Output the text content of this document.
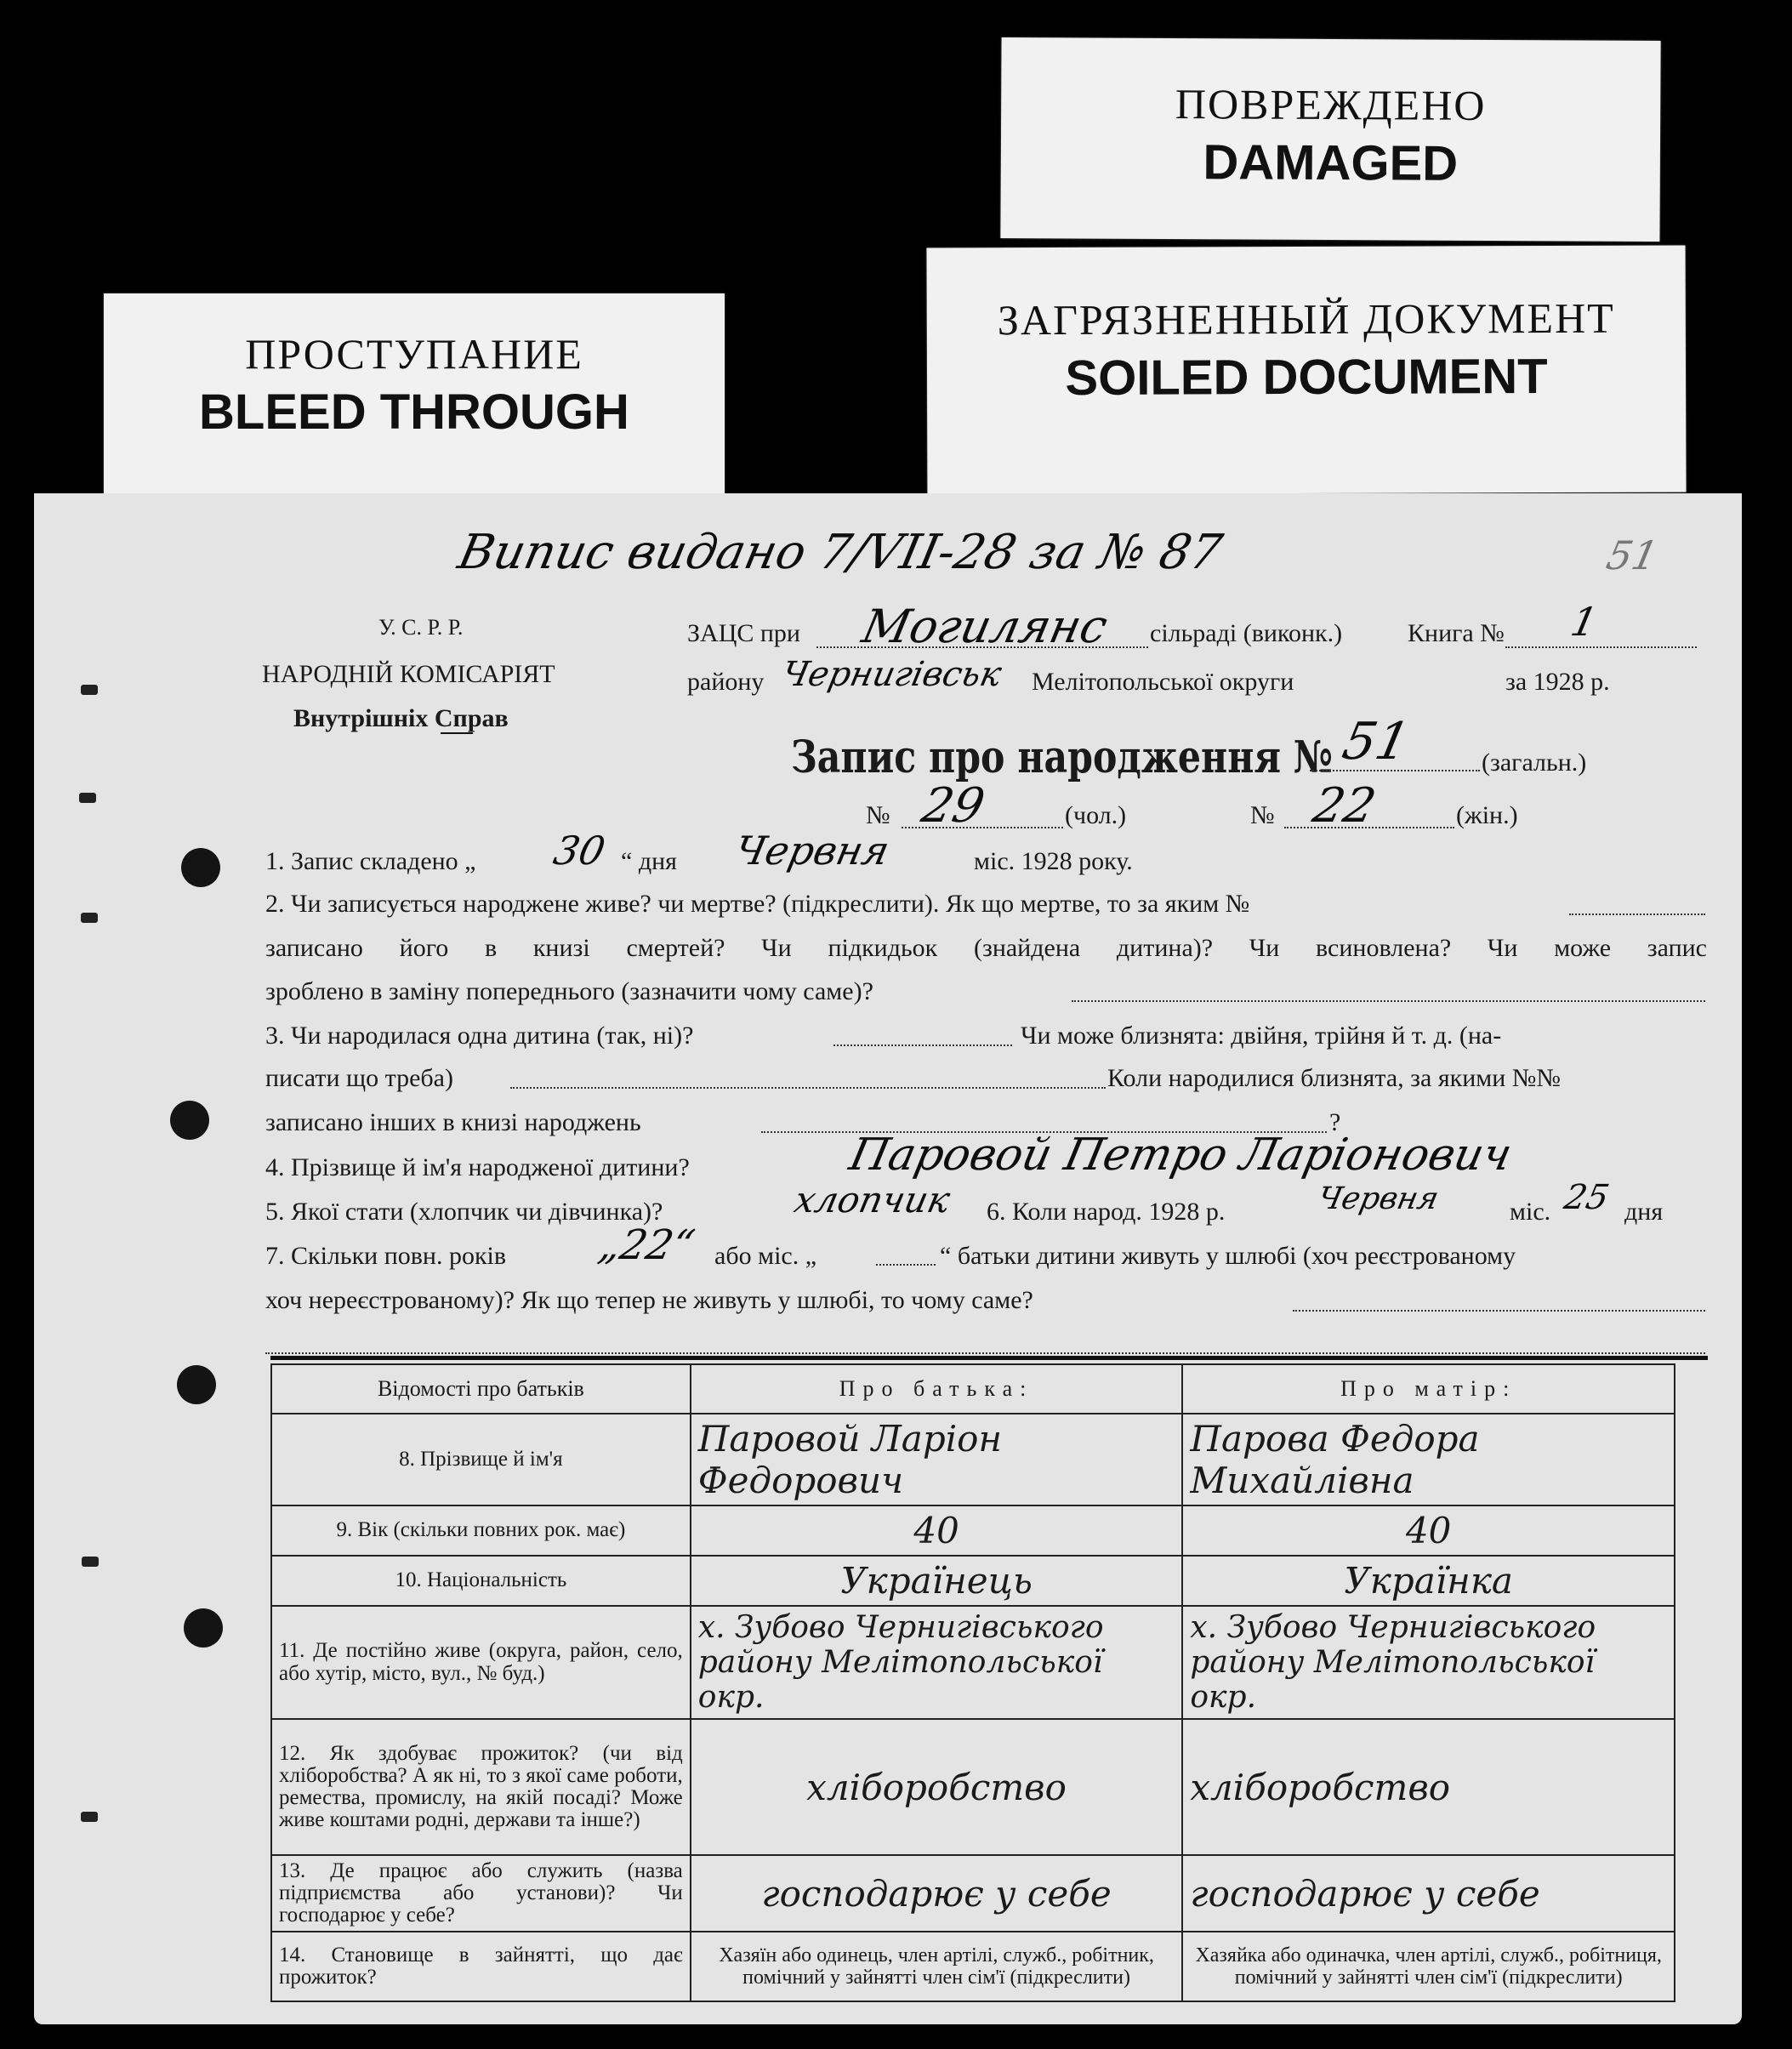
ПОВРЕЖДЕНО
DAMAGED
ЗАГРЯЗНЕННЫЙ ДОКУМЕНТ
SOILED DOCUMENT
ПРОСТУПАНИЕ
BLEED THROUGH
Випис видано 7/VII-28 за № 87	51
У. С. Р. Р.
НАРОДНІЙ КОМІСАРІЯТ
Внутрішніх Справ
ЗАЦС при Могилянс сільраді (виконк.)	Книга № 1
району Чернигівськ Мелітопольської округи	за 1928 р.
Запис про народження № 51	(загальн.)
№ 29	(чол.)	№ 22	(жін.)
1. Запис складено „ 30 “ дня Червня	міс. 1928 року.
2. Чи записується народжене живе? чи мертве? (підкреслити). Як що мертве, то за яким №
записано його в книзі смертей? Чи підкидьок (знайдена дитина)? Чи всиновлена? Чи може запис
зроблено в заміну попереднього (зазначити чому саме)?
3. Чи народилася одна дитина (так, ні)?	Чи може близнята: двійня, трійня й т. д. (на-
писати що треба)	Коли народилися близнята, за якими №№
записано інших в книзі народжень	?
4. Прізвище й ім'я народженої дитини?	Паровой Петро Ларіонович
5. Якої стати (хлопчик чи дівчинка)?	хлопчик 6. Коли народ. 1928 р.	Червня	міс. 25 дня
7. Скільки повн. років „22“ або міс. „	“ батьки дитини живуть у шлюбі (хоч реєстрованому
хоч нереєстрованому)? Як що тепер не живуть у шлюбі, то чому саме?
Відомості про батьків	Про батька:	Про матір:
8. Прізвище й ім'я	Паровой Ларіон Федорович	Парова Федора Михайлівна
9. Вік (скільки повних рок. має)	40	40
10. Національність	Українець	Українка
11. Де постійно живе (округа, район, село, або хутір, місто, вул., № буд.)	х. Зубово Чернигівського району Мелітопольської окр.	х. Зубово Чернигівського району Мелітопольської окр.
12. Як здобуває прожиток? (чи від хліборобства? А як ні, то з якої саме роботи, ремества, промислу, на якій посаді? Може живе коштами родні, держави та інше?)	хліборобство	хліборобство
13. Де працює або служить (назва підприємства або установи)? Чи господарює у себе?	господарює у себе	господарює у себе
14. Становище в зайнятті, що дає прожиток?	Хазяїн або одинець, член артілі, служб., робітник, помічний у зайнятті член сім'ї (підкреслити)	Хазяйка або одиначка, член артілі, служб., робітниця, помічний у зайнятті член сім'ї (підкреслити)
